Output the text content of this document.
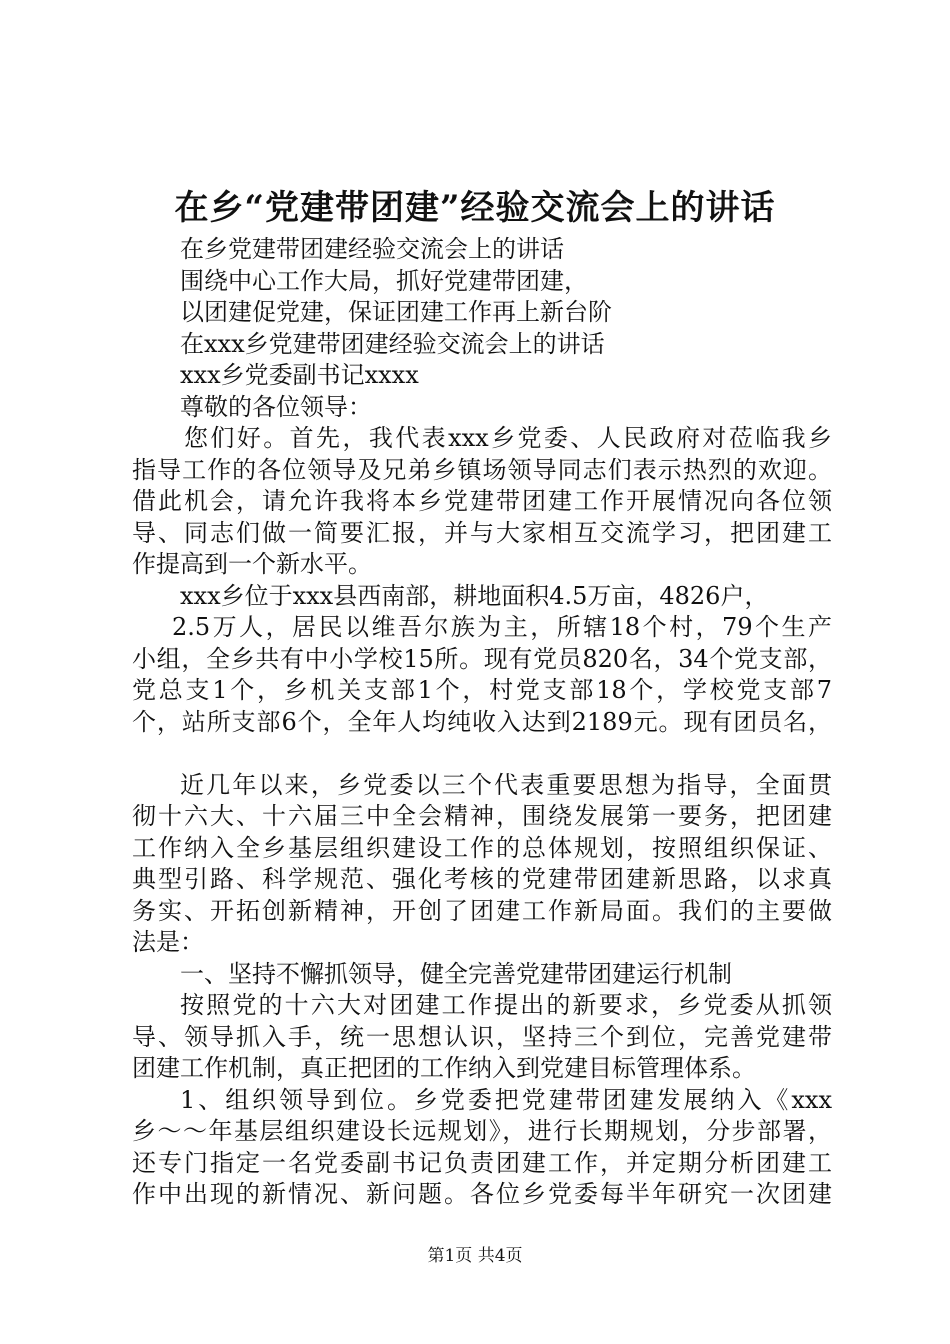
在乡“党建带团建”经验交流会上的讲话
在乡党建带团建经验交流会上的讲话
围绕中心工作大局，抓好党建带团建，
以团建促党建，保证团建工作再上新台阶
在xxx乡党建带团建经验交流会上的讲话
xxx乡党委副书记xxxx
尊敬的各位领导：
您们好。首先，我代表xxx乡党委、人民政府对莅临我乡
指导工作的各位领导及兄弟乡镇场领导同志们表示热烈的欢迎。
借此机会，请允许我将本乡党建带团建工作开展情况向各位领
导、同志们做一简要汇报，并与大家相互交流学习，把团建工
作提高到一个新水平。
xxx乡位于xxx县西南部，耕地面积4.5万亩，4826户，
2.5万人，居民以维吾尔族为主，所辖18个村，79个生产
小组，全乡共有中小学校15所。现有党员820名，34个党支部，
党总支1个，乡机关支部1个，村党支部18个，学校党支部7
个，站所支部6个，全年人均纯收入达到2189元。现有团员名，
近几年以来，乡党委以三个代表重要思想为指导，全面贯
彻十六大、十六届三中全会精神，围绕发展第一要务，把团建
工作纳入全乡基层组织建设工作的总体规划，按照组织保证、
典型引路、科学规范、强化考核的党建带团建新思路，以求真
务实、开拓创新精神，开创了团建工作新局面。我们的主要做
法是：
一、坚持不懈抓领导，健全完善党建带团建运行机制
按照党的十六大对团建工作提出的新要求，乡党委从抓领
导、领导抓入手，统一思想认识，坚持三个到位，完善党建带
团建工作机制，真正把团的工作纳入到党建目标管理体系。
1、组织领导到位。乡党委把党建带团建发展纳入《xxx
乡～～年基层组织建设长远规划》，进行长期规划，分步部署，
还专门指定一名党委副书记负责团建工作，并定期分析团建工
作中出现的新情况、新问题。各位乡党委每半年研究一次团建
第1页 共4页
